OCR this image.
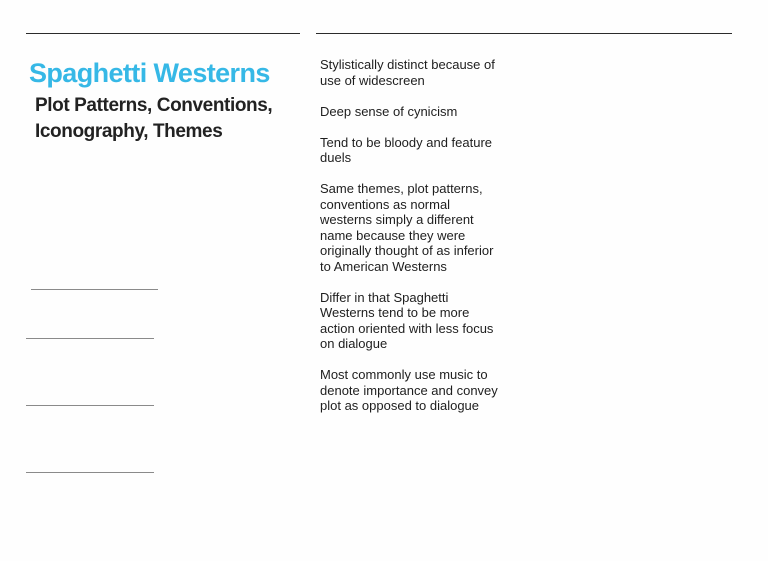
Spaghetti Westerns
Plot Patterns, Conventions, Iconography, Themes
Stylistically distinct because of use of widescreen
Deep sense of cynicism
Tend to be bloody and feature duels
Same themes, plot patterns, conventions as normal westerns simply a different name because they were originally thought of as inferior to American Westerns
Differ in that Spaghetti Westerns tend to be more action oriented with less focus on dialogue
Most commonly use music to denote importance and convey plot as opposed to dialogue
